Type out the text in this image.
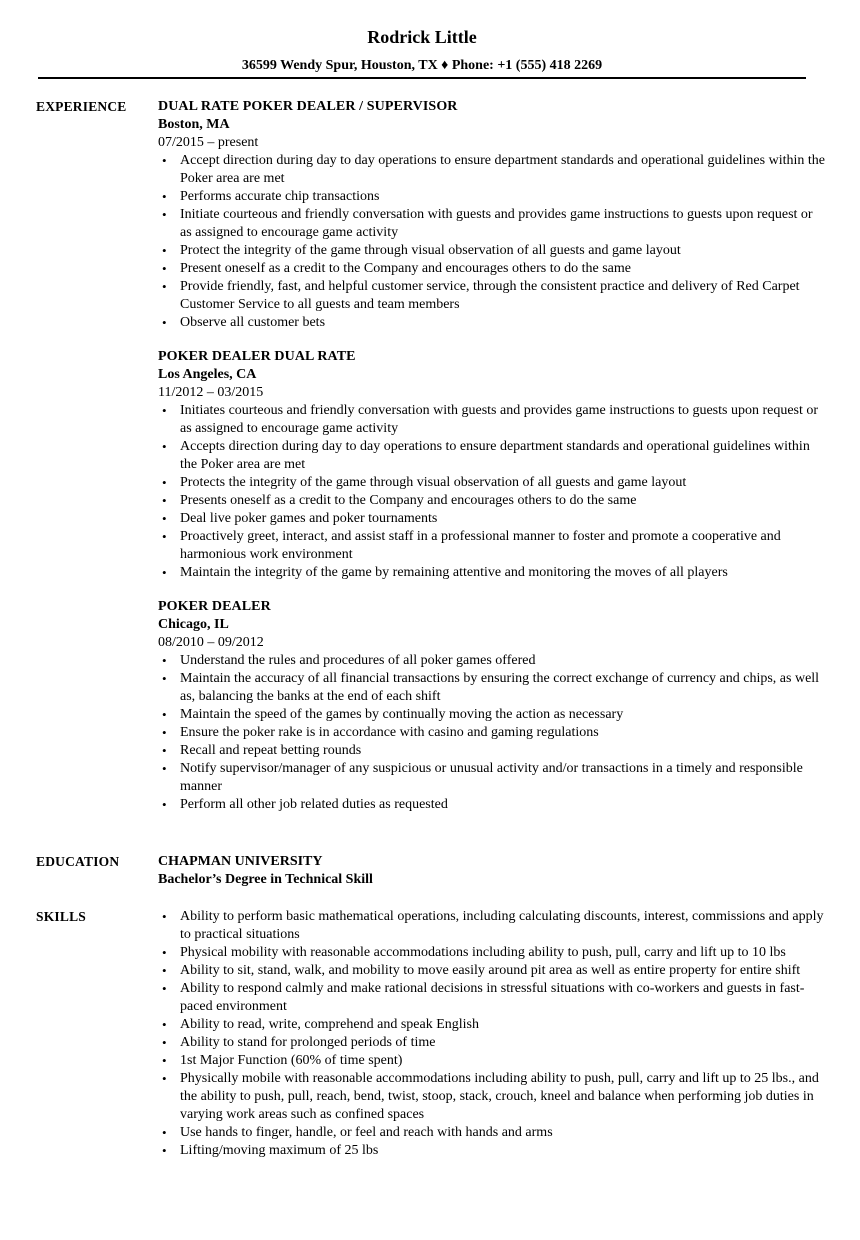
Rodrick Little
36599 Wendy Spur, Houston, TX ♦ Phone: +1 (555) 418 2269
EXPERIENCE DUAL RATE POKER DEALER / SUPERVISOR
Boston, MA
07/2015 – present
• Accept direction during day to day operations to ensure department standards and operational guidelines within the Poker area are met
• Performs accurate chip transactions
• Initiate courteous and friendly conversation with guests and provides game instructions to guests upon request or as assigned to encourage game activity
• Protect the integrity of the game through visual observation of all guests and game layout
• Present oneself as a credit to the Company and encourages others to do the same
• Provide friendly, fast, and helpful customer service, through the consistent practice and delivery of Red Carpet Customer Service to all guests and team members
• Observe all customer bets
POKER DEALER DUAL RATE
Los Angeles, CA
11/2012 – 03/2015
• Initiates courteous and friendly conversation with guests and provides game instructions to guests upon request or as assigned to encourage game activity
• Accepts direction during day to day operations to ensure department standards and operational guidelines within the Poker area are met
• Protects the integrity of the game through visual observation of all guests and game layout
• Presents oneself as a credit to the Company and encourages others to do the same
• Deal live poker games and poker tournaments
• Proactively greet, interact, and assist staff in a professional manner to foster and promote a cooperative and harmonious work environment
• Maintain the integrity of the game by remaining attentive and monitoring the moves of all players
POKER DEALER
Chicago, IL
08/2010 – 09/2012
• Understand the rules and procedures of all poker games offered
• Maintain the accuracy of all financial transactions by ensuring the correct exchange of currency and chips, as well as, balancing the banks at the end of each shift
• Maintain the speed of the games by continually moving the action as necessary
• Ensure the poker rake is in accordance with casino and gaming regulations
• Recall and repeat betting rounds
• Notify supervisor/manager of any suspicious or unusual activity and/or transactions in a timely and responsible manner
• Perform all other job related duties as requested
EDUCATION	CHAPMAN UNIVERSITY
Bachelor’s Degree in Technical Skill
SKILLS
•	Ability to perform basic mathematical operations, including calculating discounts, interest, commissions and apply to practical situations
• Physical mobility with reasonable accommodations including ability to push, pull, carry and lift up to 10 lbs
• Ability to sit, stand, walk, and mobility to move easily around pit area as well as entire property for entire shift
• Ability to respond calmly and make rational decisions in stressful situations with co-workers and guests in fast-paced environment
• Ability to read, write, comprehend and speak English
• Ability to stand for prolonged periods of time
• 1st Major Function (60% of time spent)
• Physically mobile with reasonable accommodations including ability to push, pull, carry and lift up to 25 lbs., and the ability to push, pull, reach, bend, twist, stoop, stack, crouch, kneel and balance when performing job duties in varying work areas such as confined spaces
• Use hands to finger, handle, or feel and reach with hands and arms
• Lifting/moving maximum of 25 lbs
